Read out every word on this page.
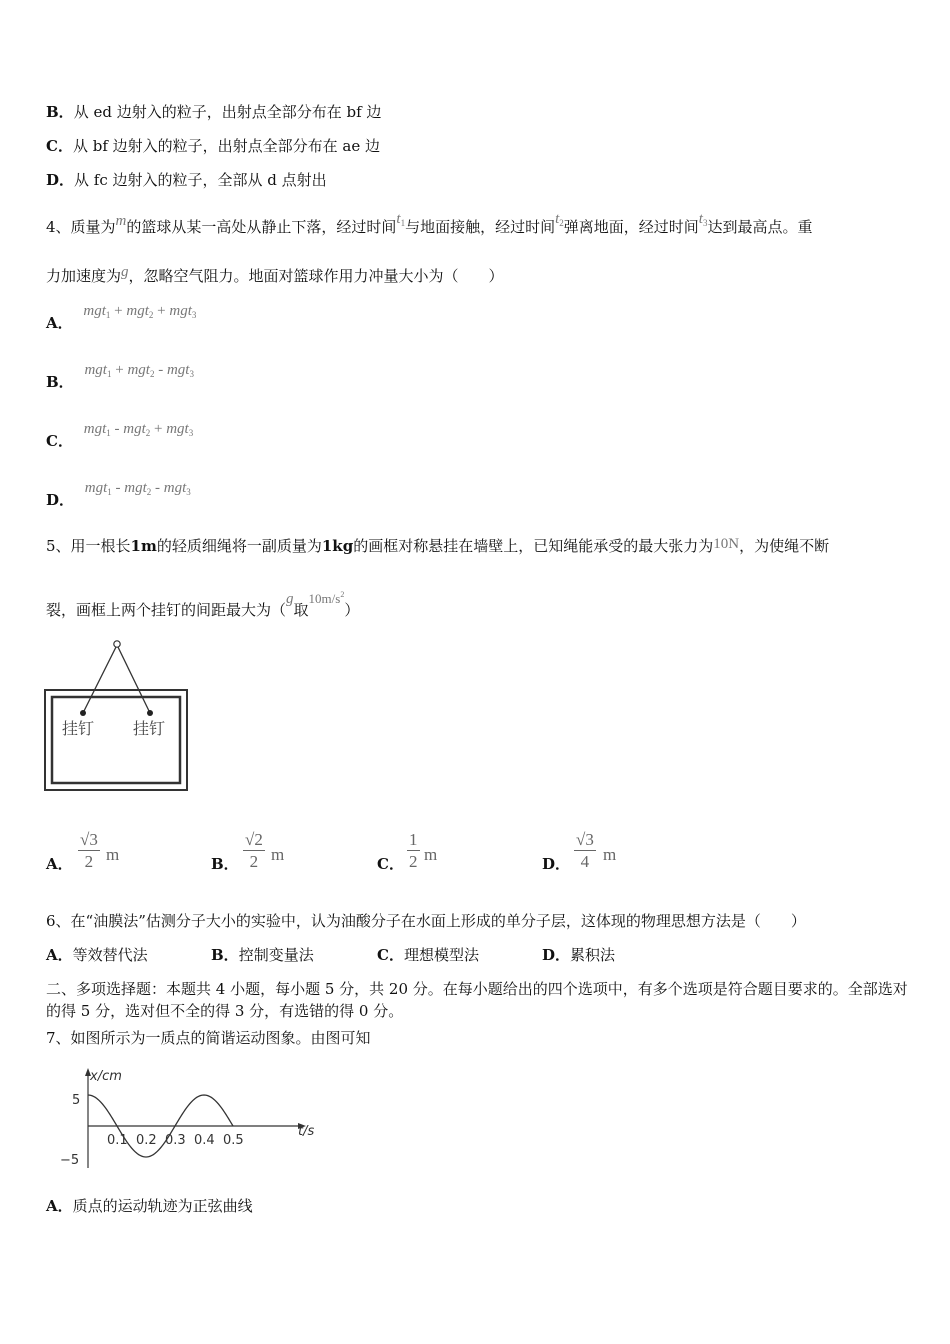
B．从 ed 边射入的粒子，出射点全部分布在 bf 边
C．从 bf 边射入的粒子，出射点全部分布在 ae 边
D．从 fc 边射入的粒子，全部从 d 点射出
4、质量为m的篮球从某一高处从静止下落，经过时间$t_1$与地面接触，经过时间$t_2$弹离地面，经过时间$t_3$达到最高点。重
力加速度为g，忽略空气阻力。地面对篮球作用力冲量大小为（　　）
A． mgt$_1$ + mgt$_2$ + mgt$_3$
B． mgt$_1$ + mgt$_2$ - mgt$_3$
C． mgt$_1$ - mgt$_2$ + mgt$_3$
D． mgt$_1$ - mgt$_2$ - mgt$_3$
5、用一根长1m的轻质细绳将一副质量为1kg的画框对称悬挂在墙壁上，已知绳能承受的最大张力为10N，为使绳不断
裂，画框上两个挂钉的间距最大为（g取$10m/s^2$）
挂钉 挂钉
A． $\frac{√3}{2}$ m	B． $\frac{√2}{2}$ m	C． $\frac{1}{2}$ m	D． $\frac{√3}{4}$ m
6、在“油膜法”估测分子大小的实验中，认为油酸分子在水面上形成的单分子层，这体现的物理思想方法是（　　）
A．等效替代法	B．控制变量法	C．理想模型法	D．累积法
二、多项选择题：本题共 4 小题，每小题 5 分，共 20 分。在每小题给出的四个选项中，有多个选项是符合题目要求的。全部选对的得 5 分，选对但不全的得 3 分，有选错的得 0 分。
7、如图所示为一质点的简谐运动图象。由图可知
x/cm
t/s
5
−5
0.1 0.2 0.3 0.4 0.5
A．质点的运动轨迹为正弦曲线
